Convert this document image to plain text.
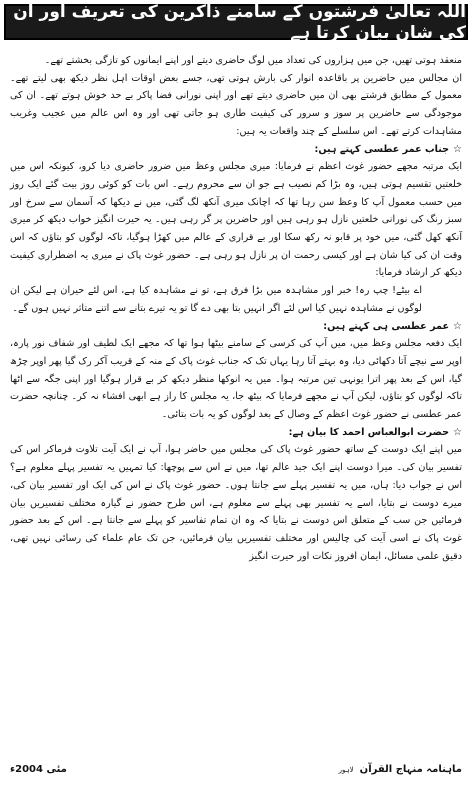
اللہ تعالیٰ فرشتوں کے سامنے ذاکرین کی تعریف اور ان کی شان بیان کرتا ہے

منعقد ہوتی تھیں، جن میں ہزاروں کی تعداد میں لوگ حاضری دیتے اور اپنے ایمانوں کو تازگی بخشتے تھے۔

ان مجالس میں حاضرین پر باقاعدہ انوار کی بارش ہوتی تھی، جسے بعض اوقات اہل نظر دیکھ بھی لیتے تھے۔ معمول کے مطابق فرشتے بھی ان میں حاضری دیتے تھے اور اپنی نورانی فضا پاکر بے حد خوش ہوتے تھے۔ ان کی موجودگی سے حاضرین پر سوز و سرور کی کیفیت طاری ہو جاتی تھی اور وہ اس عالم میں عجیب وغریب مشاہدات کرتے تھے۔ اس سلسلے کے چند واقعات یہ ہیں:

☆
جناب عمر عطسی کہتے ہیں:

ایک مرتبہ مجھے حضور غوث اعظم نے فرمایا: میری مجلس وعظ میں ضرور حاضری دیا کرو، کیونکہ اس میں خلعتیں تقسیم ہوتی ہیں، وہ بڑا کم نصیب ہے جو ان سے محروم رہے۔ اس بات کو کوئی روز بیت گئے ایک روز میں حسب معمول آپ کا وعظ سن رہا تھا کہ اچانک میری آنکھ لگ گئی، میں نے دیکھا کہ آسمان سے سرخ اور سبز رنگ کی نورانی خلعتیں نازل ہو رہی ہیں اور حاضرین پر گر رہی ہیں۔ یہ حیرت انگیز خواب دیکھ کر میری آنکھ کھل گئی، میں خود پر قابو نہ رکھ سکا اور بے قراری کے عالم میں کھڑا ہوگیا، تاکہ لوگوں کو بتاؤں کہ اس وقت ان کی کیا شان ہے اور کیسی رحمت ان پر نازل ہو رہی ہے۔ حضور غوث پاک نے میری یہ اضطراری کیفیت دیکھ کر ارشاد فرمایا:

اے بیٹے! چپ رہ! خبر اور مشاہدہ میں بڑا فرق ہے، تو نے مشاہدہ کیا ہے، اس لئے حیران ہے لیکن ان لوگوں نے مشاہدہ نہیں کیا اس لئے اگر انہیں بتا بھی دے گا تو یہ تیرے بتانے سے اتنے متاثر نہیں ہوں گے۔

☆
عمر عطسی ہی کہتے ہیں:

ایک دفعہ مجلس وعظ میں، میں آپ کی کرسی کے سامنے بیٹھا ہوا تھا کہ مجھے ایک لطیف اور شفاف نور پارہ، اوپر سے نیچے آتا دکھائی دیا، وہ بہتے آتا رہا یہاں تک کہ جناب غوث پاک کے منہ کے قریب آکر رک گیا پھر اوپر چڑھ گیا، اس کے بعد پھر اترا یونہی تین مرتبہ ہوا۔ میں یہ انوکھا منظر دیکھ کر بے قرار ہوگیا اور اپنی جگہ سے اٹھا تاکہ لوگوں کو بتاؤں، لیکن آپ نے مجھے فرمایا کہ بیٹھ جا، یہ مجلس کا راز ہے ابھی افشاء نہ کر۔ چنانچہ حضرت عمر عطسی نے حضور غوث اعظم کے وصال کے بعد لوگوں کو یہ بات بتائی۔

☆
حضرت ابوالعباس احمد کا بیان ہے:

میں اپنے ایک دوست کے ساتھ حضور غوث پاک کی مجلس میں حاضر ہوا، آپ نے ایک آیت تلاوت فرماکر اس کی تفسیر بیان کی۔ میرا دوست اپنے ایک جید عالم تھا، میں نے اس سے پوچھا: کیا تمہیں یہ تفسیر پہلے معلوم ہے؟ اس نے جواب دیا: ہاں، میں یہ تفسیر پہلے سے جانتا ہوں۔ حضور غوث پاک نے اس کی ایک اور تفسیر بیان کی، میرے دوست نے بتایا، اسے یہ تفسیر بھی پہلے سے معلوم ہے، اس طرح حضور نے گیارہ مختلف تفسیریں بیان فرمائیں جن سب کے متعلق اس دوست نے بتایا کہ وہ ان تمام تفاسیر کو پہلے سے جانتا ہے۔ اس کے بعد حضور غوث پاک نے اسی آیت کی چالیس اور مختلف تفسیریں بیان فرمائیں، جن تک عام علماء کی رسائی نہیں تھی، دقیق علمی مسائل، ایمان افروز نکات اور حیرت انگیز

ماہنامہ منہاج القرآن
لاہور
مئی 2004ء
